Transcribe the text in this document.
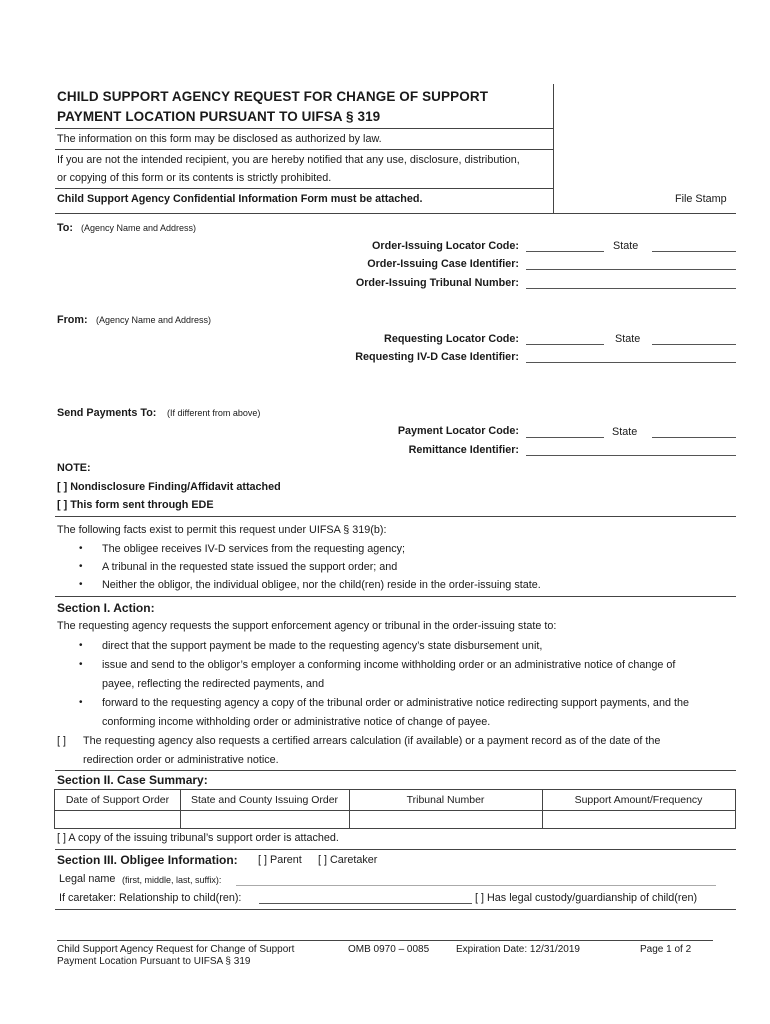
CHILD SUPPORT AGENCY REQUEST FOR CHANGE OF SUPPORT
PAYMENT LOCATION PURSUANT TO UIFSA § 319
The information on this form may be disclosed as authorized by law.
If you are not the intended recipient, you are hereby notified that any use, disclosure, distribution,
or copying of this form or its contents is strictly prohibited.
Child Support Agency Confidential Information Form must be attached.	File Stamp
To: (Agency Name and Address)
Order-Issuing Locator Code:	State
Order-Issuing Case Identifier:
Order-Issuing Tribunal Number:
From: (Agency Name and Address)
Requesting Locator Code:	State
Requesting IV-D Case Identifier:
Send Payments To: (If different from above)
Payment Locator Code:	State
Remittance Identifier:
NOTE:
[ ] Nondisclosure Finding/Affidavit attached
[ ] This form sent through EDE
The following facts exist to permit this request under UIFSA § 319(b):
• The obligee receives IV-D services from the requesting agency;
• A tribunal in the requested state issued the support order; and
• Neither the obligor, the individual obligee, nor the child(ren) reside in the order-issuing state.
Section I. Action:
The requesting agency requests the support enforcement agency or tribunal in the order-issuing state to:
• direct that the support payment be made to the requesting agency’s state disbursement unit,
• issue and send to the obligor’s employer a conforming income withholding order or an administrative notice of change of
payee, reflecting the redirected payments, and
• forward to the requesting agency a copy of the tribunal order or administrative notice redirecting support payments, and the
conforming income withholding order or administrative notice of change of payee.
[ ] The requesting agency also requests a certified arrears calculation (if available) or a payment record as of the date of the
redirection order or administrative notice.
Section II. Case Summary:
Date of Support Order	State and County Issuing Order	Tribunal Number	Support Amount/Frequency
[ ] A copy of the issuing tribunal’s support order is attached.
Section III. Obligee Information: [ ] Parent [ ] Caretaker
Legal name (first, middle, last, suffix):
If caretaker: Relationship to child(ren):	[ ] Has legal custody/guardianship of child(ren)
Child Support Agency Request for Change of Support
Payment Location Pursuant to UIFSA § 319
OMB 0970 – 0085	Expiration Date: 12/31/2019	Page 1 of 2
